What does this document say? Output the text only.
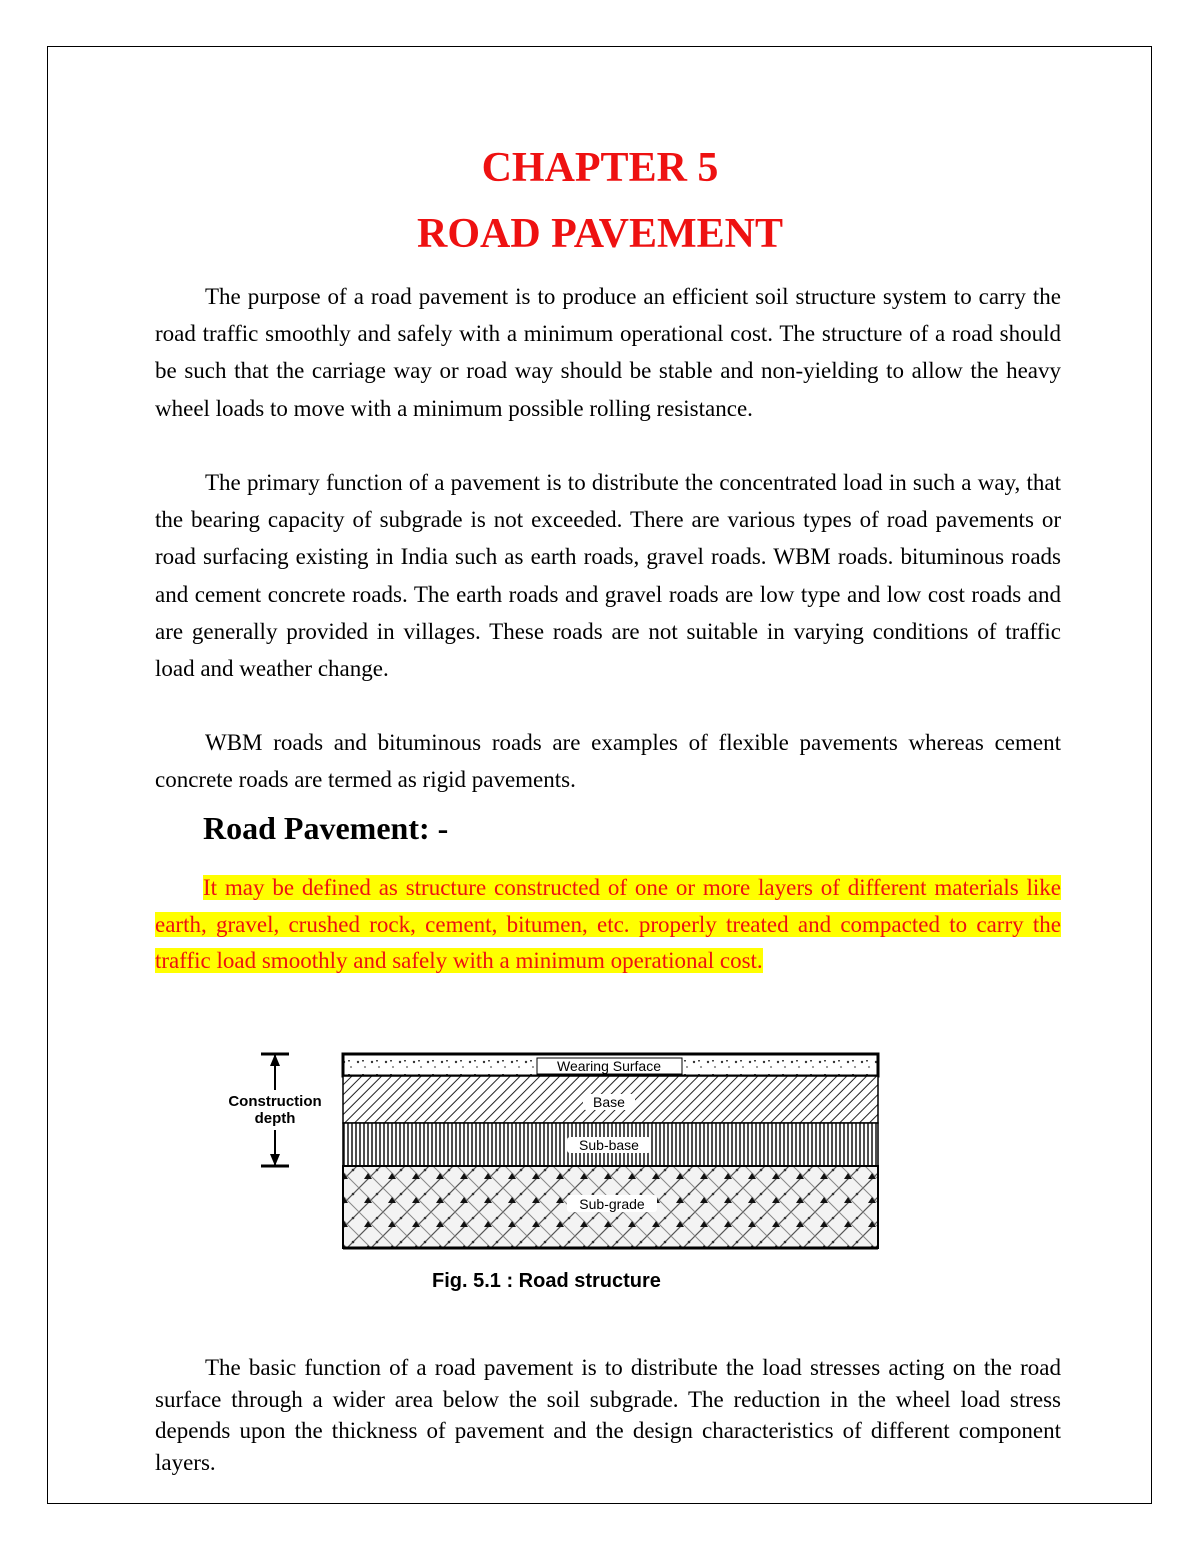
CHAPTER 5
ROAD PAVEMENT

The purpose of a road pavement is to produce an efficient soil structure system to carry the road traffic smoothly and safely with a minimum operational cost. The structure of a road should be such that the carriage way or road way should be stable and non-yielding to allow the heavy wheel loads to move with a minimum possible rolling resistance.

The primary function of a pavement is to distribute the concentrated load in such a way, that the bearing capacity of subgrade is not exceeded. There are various types of road pavements or road surfacing existing in India such as earth roads, gravel roads. WBM roads. bituminous roads and cement concrete roads. The earth roads and gravel roads are low type and low cost roads and are generally provided in villages. These roads are not suitable in varying conditions of traffic load and weather change.

WBM roads and bituminous roads are examples of flexible pavements whereas cement concrete roads are termed as rigid pavements.

Road Pavement: -

It may be defined as structure constructed of one or more layers of different materials like earth, gravel, crushed rock, cement, bitumen, etc. properly treated and compacted to carry the traffic load smoothly and safely with a minimum operational cost.

Construction
depth
Wearing Surface
Base
Sub-base
Sub-grade
Fig. 5.1 : Road structure

The basic function of a road pavement is to distribute the load stresses acting on the road surface through a wider area below the soil subgrade. The reduction in the wheel load stress depends upon the thickness of pavement and the design characteristics of different component layers.
